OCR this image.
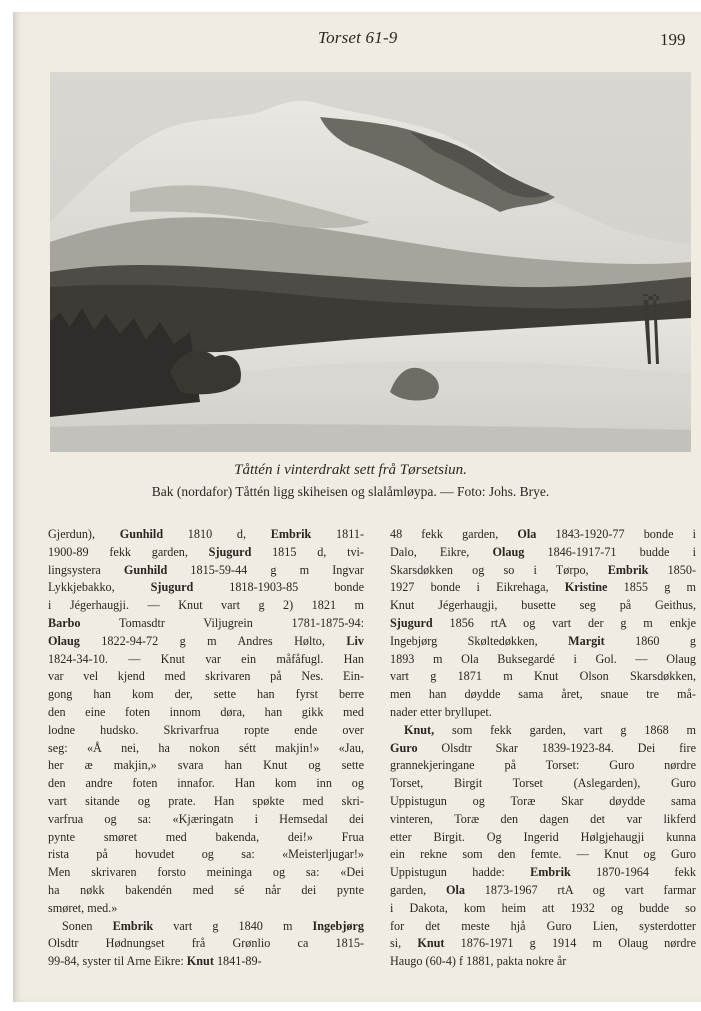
Torset 61-9	199
Tåttén i vinterdrakt sett frå Tørsetsiun.
Bak (nordafor) Tåttén ligg skiheisen og slalåmløypa. — Foto: Johs. Brye.
Gjerdun), Gunhild 1810 d, Embrik 1811-
1900-89 fekk garden, Sjugurd 1815 d, tvi-
lingsystera Gunhild 1815-59-44 g m Ingvar
Lykkjebakko, Sjugurd 1818-1903-85 bonde
i Jégerhaugji. — Knut vart g 2) 1821 m
Barbo Tomasdtr Viljugrein 1781-1875-94:
Olaug 1822-94-72 g m Andres Hølto, Liv
1824-34-10. — Knut var ein måfåfugl. Han
var vel kjend med skrivaren på Nes. Ein-
gong han kom der, sette han fyrst berre
den eine foten innom døra, han gikk med
lodne hudsko. Skrivarfrua ropte ende over
seg: «Å nei, ha nokon sétt makjin!» «Jau,
her æ makjin,» svara han Knut og sette
den andre foten innafor. Han kom inn og
vart sitande og prate. Han spøkte med skri-
varfrua og sa: «Kjæringatn i Hemsedal dei
pynte smøret med bakenda, dei!» Frua
rista på hovudet og sa: «Meisterljugar!»
Men skrivaren forsto meininga og sa: «Dei
ha nøkk bakendén med sé når dei pynte
smøret, med.»
Sonen Embrik vart g 1840 m Ingebjørg
Olsdtr Hødnungset frå Grønlio ca 1815-
99-84, syster til Arne Eikre: Knut 1841-89-
48 fekk garden, Ola 1843-1920-77 bonde i
Dalo, Eikre, Olaug 1846-1917-71 budde i
Skarsdøkken og so i Tørpo, Embrik 1850-
1927 bonde i Eikrehaga, Kristine 1855 g m
Knut Jégerhaugji, busette seg på Geithus,
Sjugurd 1856 rtA og vart der g m enkje
Ingebjørg Skøltedøkken, Margit 1860 g
1893 m Ola Buksegardé i Gol. — Olaug
vart g 1871 m Knut Olson Skarsdøkken,
men han døydde sama året, snaue tre må-
nader etter bryllupet.
Knut, som fekk garden, vart g 1868 m
Guro Olsdtr Skar 1839-1923-84. Dei fire
grannekjeringane på Torset: Guro nørdre
Torset, Birgit Torset (Aslegarden), Guro
Uppistugun og Toræ Skar døydde sama
vinteren, Toræ den dagen det var likferd
etter Birgit. Og Ingerid Hølgjehaugji kunna
ein rekne som den femte. — Knut og Guro
Uppistugun hadde: Embrik 1870-1964 fekk
garden, Ola 1873-1967 rtA og vart farmar
i Dakota, kom heim att 1932 og budde so
for det meste hjå Guro Lien, systerdotter
si, Knut 1876-1971 g 1914 m Olaug nørdre
Haugo (60-4) f 1881, pakta nokre år
